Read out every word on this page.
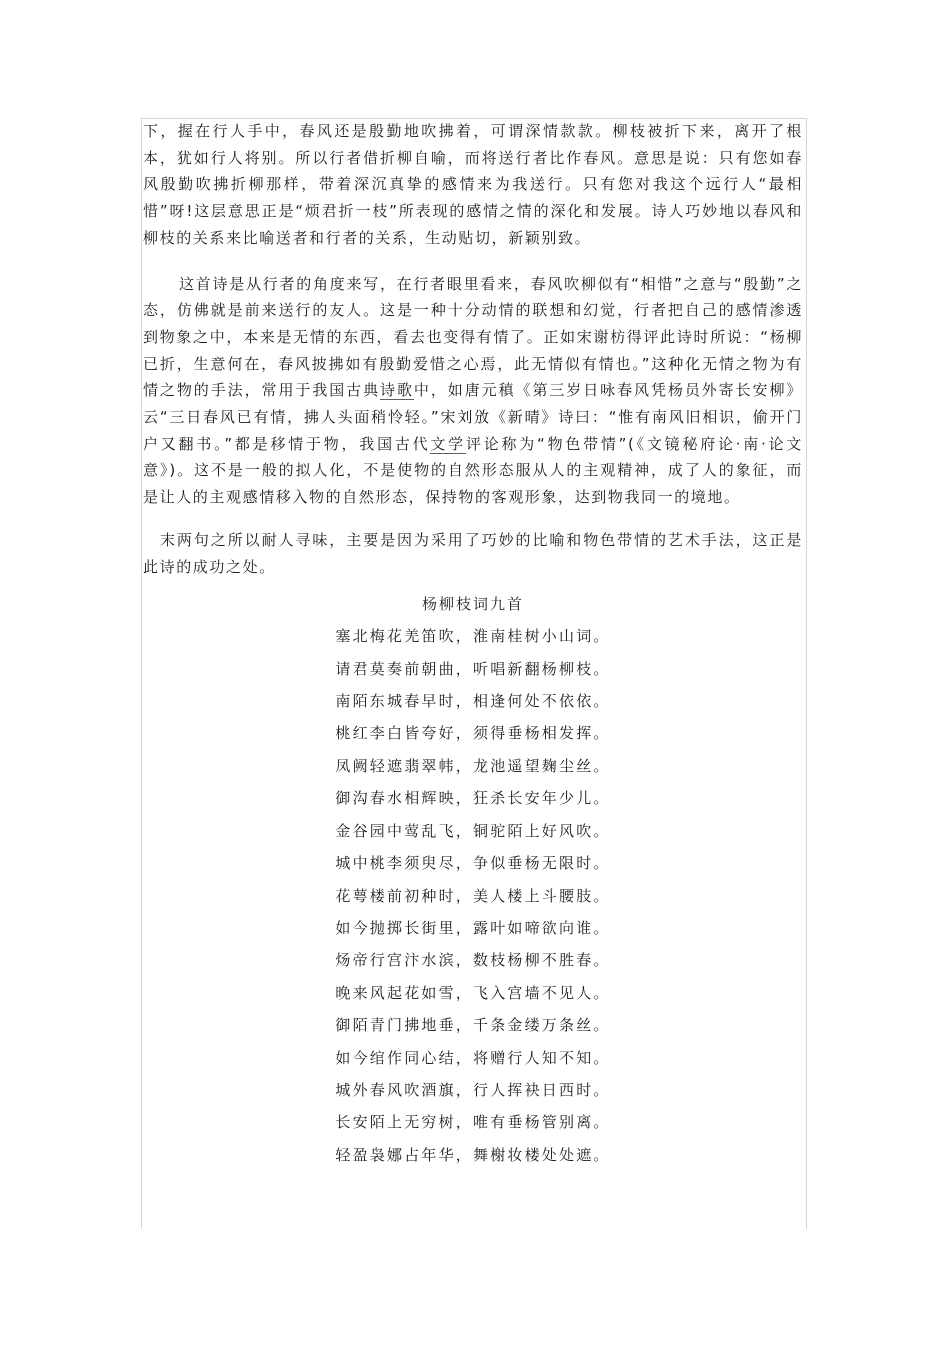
下，握在行人手中，春风还是殷勤地吹拂着，可谓深情款款。柳枝被折下来，离开了根本，犹如行人将别。所以行者借折柳自喻，而将送行者比作春风。意思是说：只有您如春风殷勤吹拂折柳那样，带着深沉真挚的感情来为我送行。只有您对我这个远行人“最相惜”呀!这层意思正是“烦君折一枝”所表现的感情之情的深化和发展。诗人巧妙地以春风和柳枝的关系来比喻送者和行者的关系，生动贴切，新颖别致。

这首诗是从行者的角度来写，在行者眼里看来，春风吹柳似有“相惜”之意与“殷勤”之态，仿佛就是前来送行的友人。这是一种十分动情的联想和幻觉，行者把自己的感情渗透到物象之中，本来是无情的东西，看去也变得有情了。正如宋谢枋得评此诗时所说：“杨柳已折，生意何在，春风披拂如有殷勤爱惜之心焉，此无情似有情也。”这种化无情之物为有情之物的手法，常用于我国古典诗歌中，如唐元稹《第三岁日咏春风凭杨员外寄长安柳》云“三日春风已有情，拂人头面稍怜轻。”宋刘攽《新晴》诗曰：“惟有南风旧相识，偷开门户又翻书。”都是移情于物，我国古代文学评论称为“物色带情”(《文镜秘府论·南·论文意》)。这不是一般的拟人化，不是使物的自然形态服从人的主观精神，成了人的象征，而是让人的主观感情移入物的自然形态，保持物的客观形象，达到物我同一的境地。

末两句之所以耐人寻味，主要是因为采用了巧妙的比喻和物色带情的艺术手法，这正是此诗的成功之处。

杨柳枝词九首

塞北梅花羌笛吹，淮南桂树小山词。
请君莫奏前朝曲，听唱新翻杨柳枝。
南陌东城春早时，相逢何处不依依。
桃红李白皆夸好，须得垂杨相发挥。
凤阙轻遮翡翠帏，龙池遥望麹尘丝。
御沟春水相辉映，狂杀长安年少儿。
金谷园中莺乱飞，铜驼陌上好风吹。
城中桃李须臾尽，争似垂杨无限时。
花萼楼前初种时，美人楼上斗腰肢。
如今抛掷长街里，露叶如啼欲向谁。
炀帝行宫汴水滨，数枝杨柳不胜春。
晚来风起花如雪，飞入宫墙不见人。
御陌青门拂地垂，千条金缕万条丝。
如今绾作同心结，将赠行人知不知。
城外春风吹酒旗，行人挥袂日西时。
长安陌上无穷树，唯有垂杨管别离。
轻盈袅娜占年华，舞榭妆楼处处遮。
